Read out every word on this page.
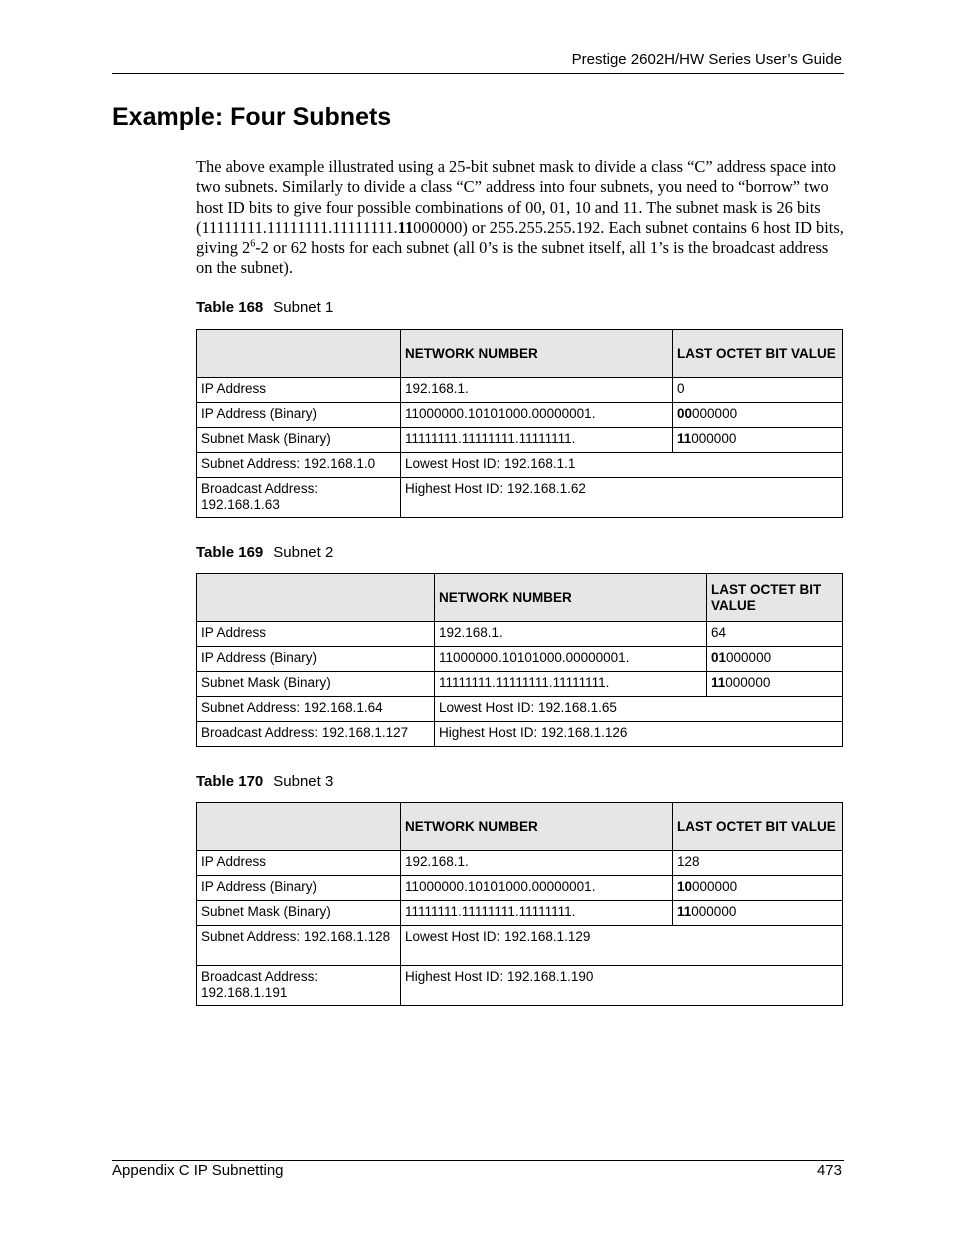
Prestige 2602H/HW Series User’s Guide
Example: Four Subnets

The above example illustrated using a 25-bit subnet mask to divide a class “C” address space into two subnets. Similarly to divide a class “C” address into four subnets, you need to “borrow” two host ID bits to give four possible combinations of 00, 01, 10 and 11. The subnet mask is 26 bits (11111111.11111111.11111111.11000000) or 255.255.255.192. Each subnet contains 6 host ID bits, giving $2^6-2$ or 62 hosts for each subnet (all 0’s is the subnet itself, all 1’s is the broadcast address on the subnet).

Table 168 Subnet 1
	NETWORK NUMBER	LAST OCTET BIT VALUE
IP Address	192.168.1.	0
IP Address (Binary)	11000000.10101000.00000001.	00000000
Subnet Mask (Binary)	11111111.11111111.11111111.	11000000
Subnet Address: 192.168.1.0	Lowest Host ID: 192.168.1.1	
Broadcast Address: 192.168.1.63	Highest Host ID: 192.168.1.62	
Table 169 Subnet 2
	NETWORK NUMBER	LAST OCTET BIT VALUE
IP Address	192.168.1.	64
IP Address (Binary)	11000000.10101000.00000001.	01000000
Subnet Mask (Binary)	11111111.11111111.11111111.	11000000
Subnet Address: 192.168.1.64	Lowest Host ID: 192.168.1.65	
Broadcast Address: 192.168.1.127	Highest Host ID: 192.168.1.126	
Table 170 Subnet 3
	NETWORK NUMBER	LAST OCTET BIT VALUE
IP Address	192.168.1.	128
IP Address (Binary)	11000000.10101000.00000001.	10000000
Subnet Mask (Binary)	11111111.11111111.11111111.	11000000
Subnet Address: 192.168.1.128	Lowest Host ID: 192.168.1.129	
Broadcast Address: 192.168.1.191	Highest Host ID: 192.168.1.190	
Appendix C IP Subnetting	473
